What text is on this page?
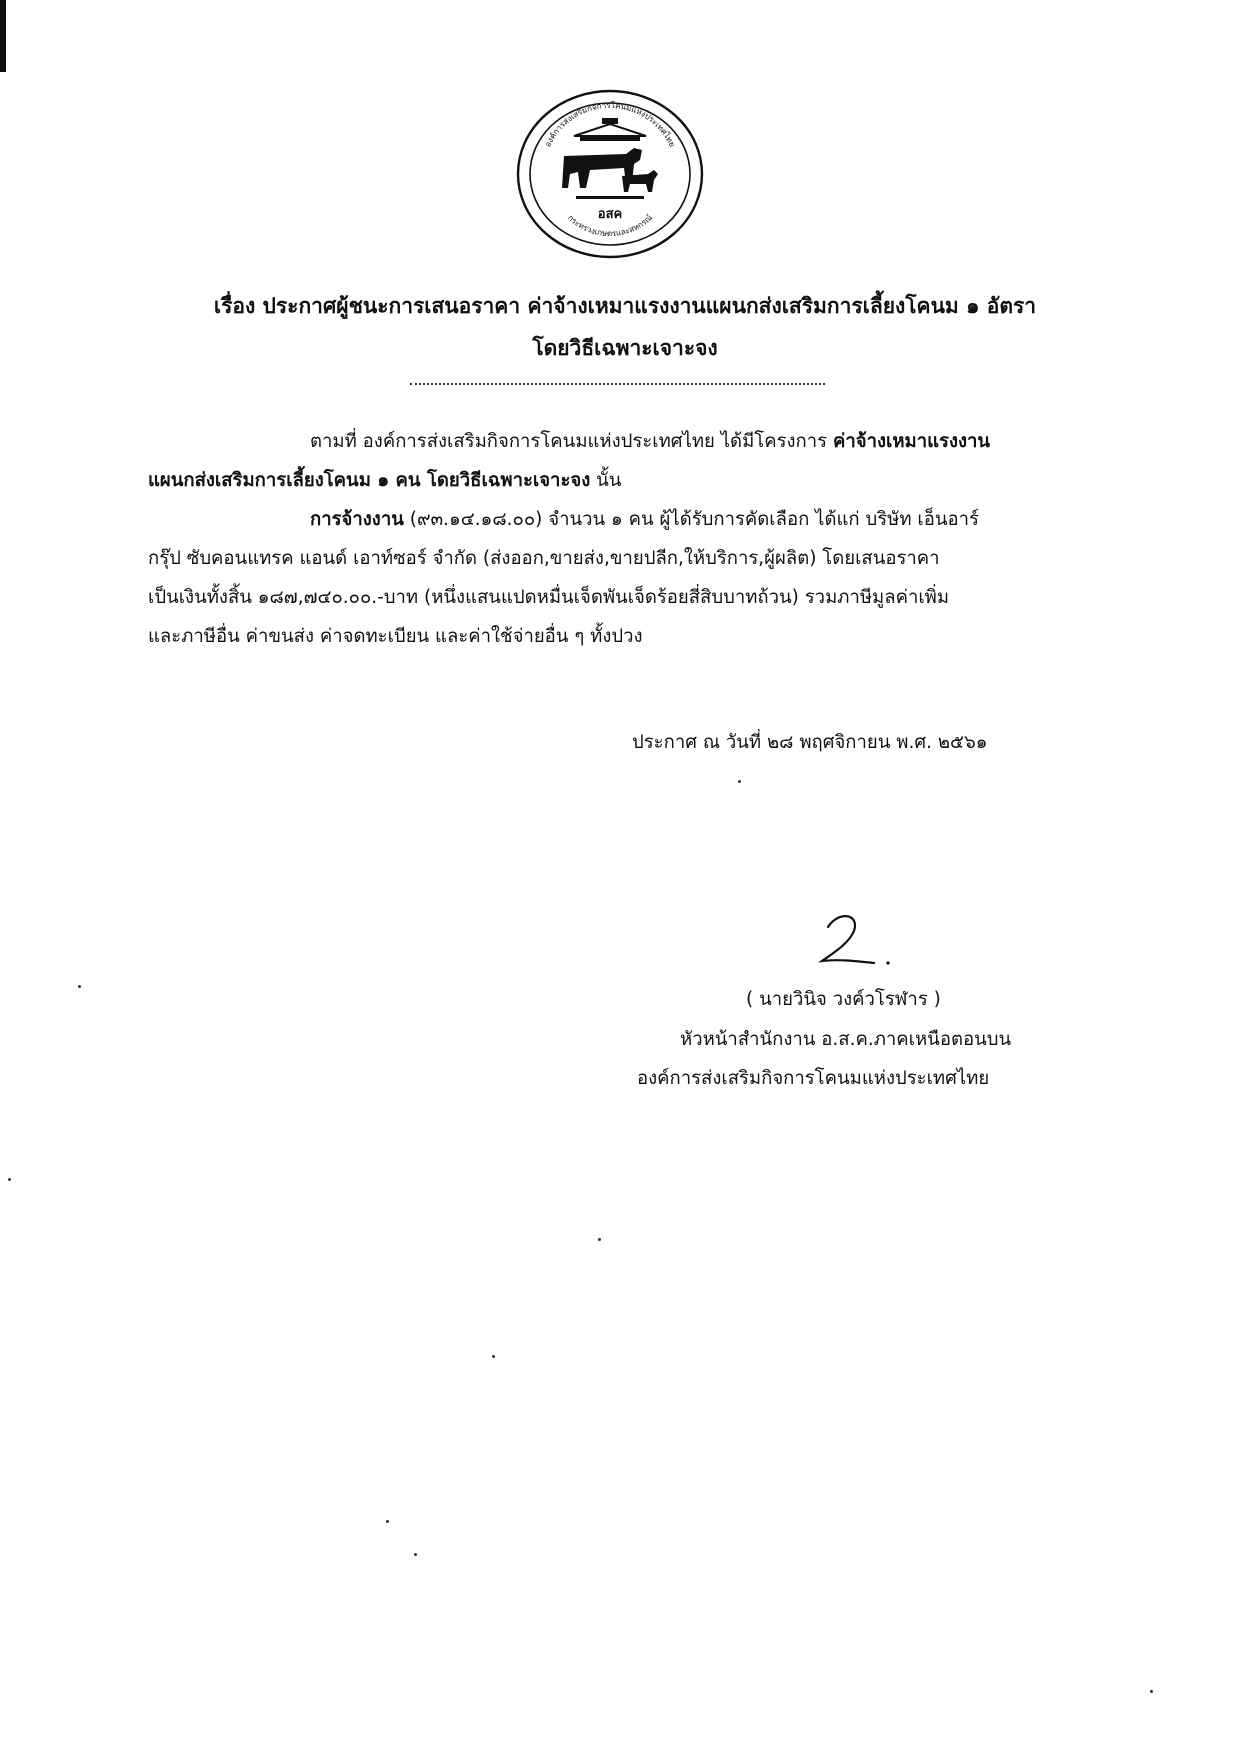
องค์การส่งเสริมกิจการโคนมแห่งประเทศไทย
อสค
กระทรวงเกษตรและสหกรณ์
เรื่อง ประกาศผู้ชนะการเสนอราคา ค่าจ้างเหมาแรงงานแผนกส่งเสริมการเลี้ยงโคนม ๑ อัตรา
โดยวิธีเฉพาะเจาะจง
ตามที่ องค์การส่งเสริมกิจการโคนมแห่งประเทศไทย ได้มีโครงการ ค่าจ้างเหมาแรงงาน
แผนกส่งเสริมการเลี้ยงโคนม ๑ คน โดยวิธีเฉพาะเจาะจง นั้น
การจ้างงาน (๙๓.๑๔.๑๘.๐๐) จำนวน ๑ คน ผู้ได้รับการคัดเลือก ได้แก่ บริษัท เอ็นอาร์
กรุ๊ป ซับคอนแทรค แอนด์ เอาท์ซอร์ จำกัด (ส่งออก,ขายส่ง,ขายปลีก,ให้บริการ,ผู้ผลิต) โดยเสนอราคา
เป็นเงินทั้งสิ้น ๑๘๗,๗๔๐.๐๐.-บาท (หนึ่งแสนแปดหมื่นเจ็ดพันเจ็ดร้อยสี่สิบบาทถ้วน) รวมภาษีมูลค่าเพิ่ม
และภาษีอื่น ค่าขนส่ง ค่าจดทะเบียน และค่าใช้จ่ายอื่น ๆ ทั้งปวง
ประกาศ ณ วันที่ ๒๘ พฤศจิกายน พ.ศ. ๒๕๖๑
( นายวินิจ วงค์วโรฬาร )
หัวหน้าสำนักงาน อ.ส.ค.ภาคเหนือตอนบน
องค์การส่งเสริมกิจการโคนมแห่งประเทศไทย
